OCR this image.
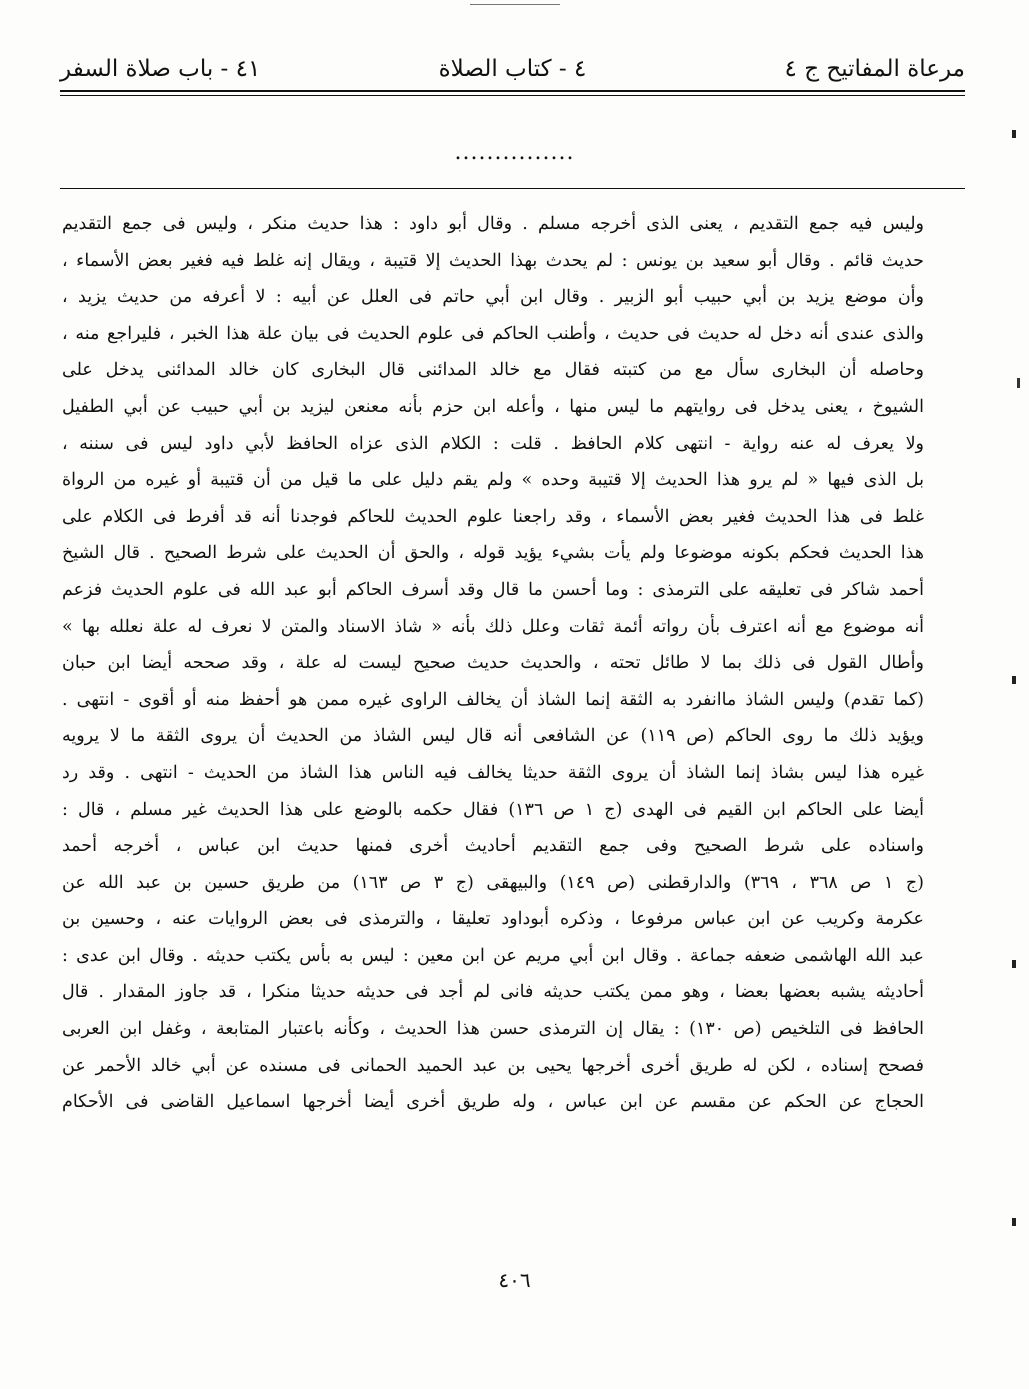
مرعاة المفاتيح ج ٤
٤ - كتاب الصلاة
٤١ - باب صلاة السفر
...............
وليس فيه جمع التقديم ، يعنى الذى أخرجه مسلم . وقال أبو داود : هذا حديث منكر ، وليس فى جمع التقديم
حديث قائم . وقال أبو سعيد بن يونس : لم يحدث بهذا الحديث إلا قتيبة ، ويقال إنه غلط فيه فغير بعض الأسماء ،
وأن موضع يزيد بن أبي حبيب أبو الزبير . وقال ابن أبي حاتم فى العلل عن أبيه : لا أعرفه من حديث يزيد ،
والذى عندى أنه دخل له حديث فى حديث ، وأطنب الحاكم فى علوم الحديث فى بيان علة هذا الخبر ، فليراجع منه ،
وحاصله أن البخارى سأل مع من كتبته فقال مع خالد المدائنى قال البخارى كان خالد المدائنى يدخل على
الشيوخ ، يعنى يدخل فى روايتهم ما ليس منها ، وأعله ابن حزم بأنه معنعن ليزيد بن أبي حبيب عن أبي الطفيل
ولا يعرف له عنه رواية - انتهى كلام الحافظ . قلت : الكلام الذى عزاه الحافظ لأبي داود ليس فى سننه ،
بل الذى فيها « لم يرو هذا الحديث إلا قتيبة وحده » ولم يقم دليل على ما قيل من أن قتيبة أو غيره من الرواة
غلط فى هذا الحديث فغير بعض الأسماء ، وقد راجعنا علوم الحديث للحاكم فوجدنا أنه قد أفرط فى الكلام على
هذا الحديث فحكم بكونه موضوعا ولم يأت بشيء يؤيد قوله ، والحق أن الحديث على شرط الصحيح . قال الشيخ
أحمد شاكر فى تعليقه على الترمذى : وما أحسن ما قال وقد أسرف الحاكم أبو عبد الله فى علوم الحديث فزعم
أنه موضوع مع أنه اعترف بأن رواته أئمة ثقات وعلل ذلك بأنه « شاذ الاسناد والمتن لا نعرف له علة نعلله بها »
وأطال القول فى ذلك بما لا طائل تحته ، والحديث حديث صحيح ليست له علة ، وقد صححه أيضا ابن حبان
(كما تقدم) وليس الشاذ ماانفرد به الثقة إنما الشاذ أن يخالف الراوى غيره ممن هو أحفظ منه أو أقوى - انتهى .
ويؤيد ذلك ما روى الحاكم (ص ١١٩) عن الشافعى أنه قال ليس الشاذ من الحديث أن يروى الثقة ما لا يرويه
غيره هذا ليس بشاذ إنما الشاذ أن يروى الثقة حديثا يخالف فيه الناس هذا الشاذ من الحديث - انتهى . وقد رد
أيضا على الحاكم ابن القيم فى الهدى (ج ١ ص ١٣٦) فقال حكمه بالوضع على هذا الحديث غير مسلم ، قال :
واسناده على شرط الصحيح وفى جمع التقديم أحاديث أخرى فمنها حديث ابن عباس ، أخرجه أحمد
(ج ١ ص ٣٦٨ ، ٣٦٩) والدارقطنى (ص ١٤٩) والبيهقى (ج ٣ ص ١٦٣) من طريق حسين بن عبد الله عن
عكرمة وكريب عن ابن عباس مرفوعا ، وذكره أبوداود تعليقا ، والترمذى فى بعض الروايات عنه ، وحسين بن
عبد الله الهاشمى ضعفه جماعة . وقال ابن أبي مريم عن ابن معين : ليس به بأس يكتب حديثه . وقال ابن عدى :
أحاديثه يشبه بعضها بعضا ، وهو ممن يكتب حديثه فانى لم أجد فى حديثه حديثا منكرا ، قد جاوز المقدار . قال
الحافظ فى التلخيص (ص ١٣٠) : يقال إن الترمذى حسن هذا الحديث ، وكأنه باعتبار المتابعة ، وغفل ابن العربى
فصحح إسناده ، لكن له طريق أخرى أخرجها يحيى بن عبد الحميد الحمانى فى مسنده عن أبي خالد الأحمر عن
الحجاج عن الحكم عن مقسم عن ابن عباس ، وله طريق أخرى أيضا أخرجها اسماعيل القاضى فى الأحكام
٤٠٦
